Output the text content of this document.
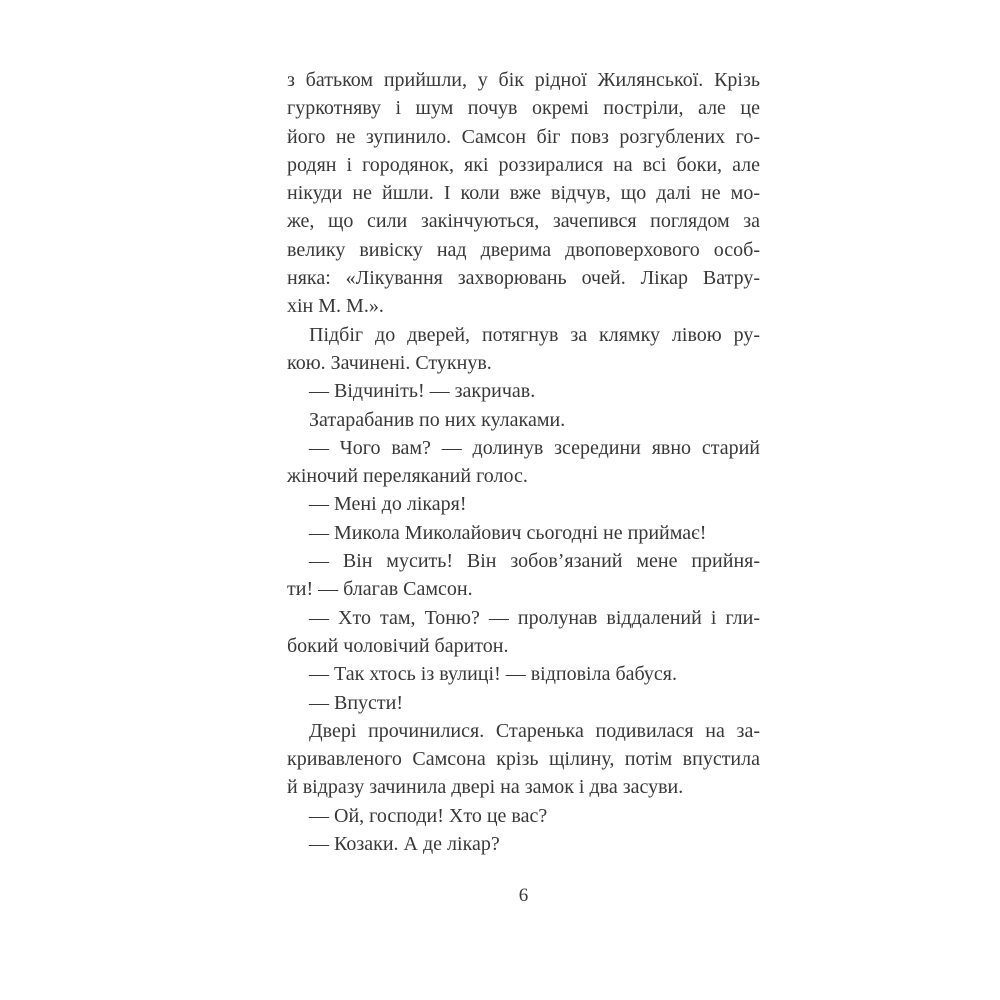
з батьком прийшли, у бік рідної Жилянської. Крізь
гуркотняву і шум почув окремі постріли, але це
його не зупинило. Самсон біг повз розгублених го-
родян і городянок, які роззиралися на всі боки, але
нікуди не йшли. І коли вже відчув, що далі не мо-
же, що сили закінчуються, зачепився поглядом за
велику вивіску над дверима двоповерхового особ-
няка: «Лікування захворювань очей. Лікар Ватру-
хін М. М.».

Підбіг до дверей, потягнув за клямку лівою ру-
кою. Зачинені. Стукнув.

— Відчиніть! — закричав.

Затарабанив по них кулаками.

— Чого вам? — долинув зсередини явно старий
жіночий переляканий голос.

— Мені до лікаря!

— Микола Миколайович сьогодні не приймає!

— Він мусить! Він зобов’язаний мене прийня-
ти! — благав Самсон.

— Хто там, Тоню? — пролунав віддалений і гли-
бокий чоловічий баритон.

— Так хтось із вулиці! — відповіла бабуся.

— Впусти!

Двері прочинилися. Старенька подивилася на за-
кривавленого Самсона крізь щілину, потім впустила
й відразу зачинила двері на замок і два засуви.

— Ой, господи! Хто це вас?

— Козаки. А де лікар?

6
